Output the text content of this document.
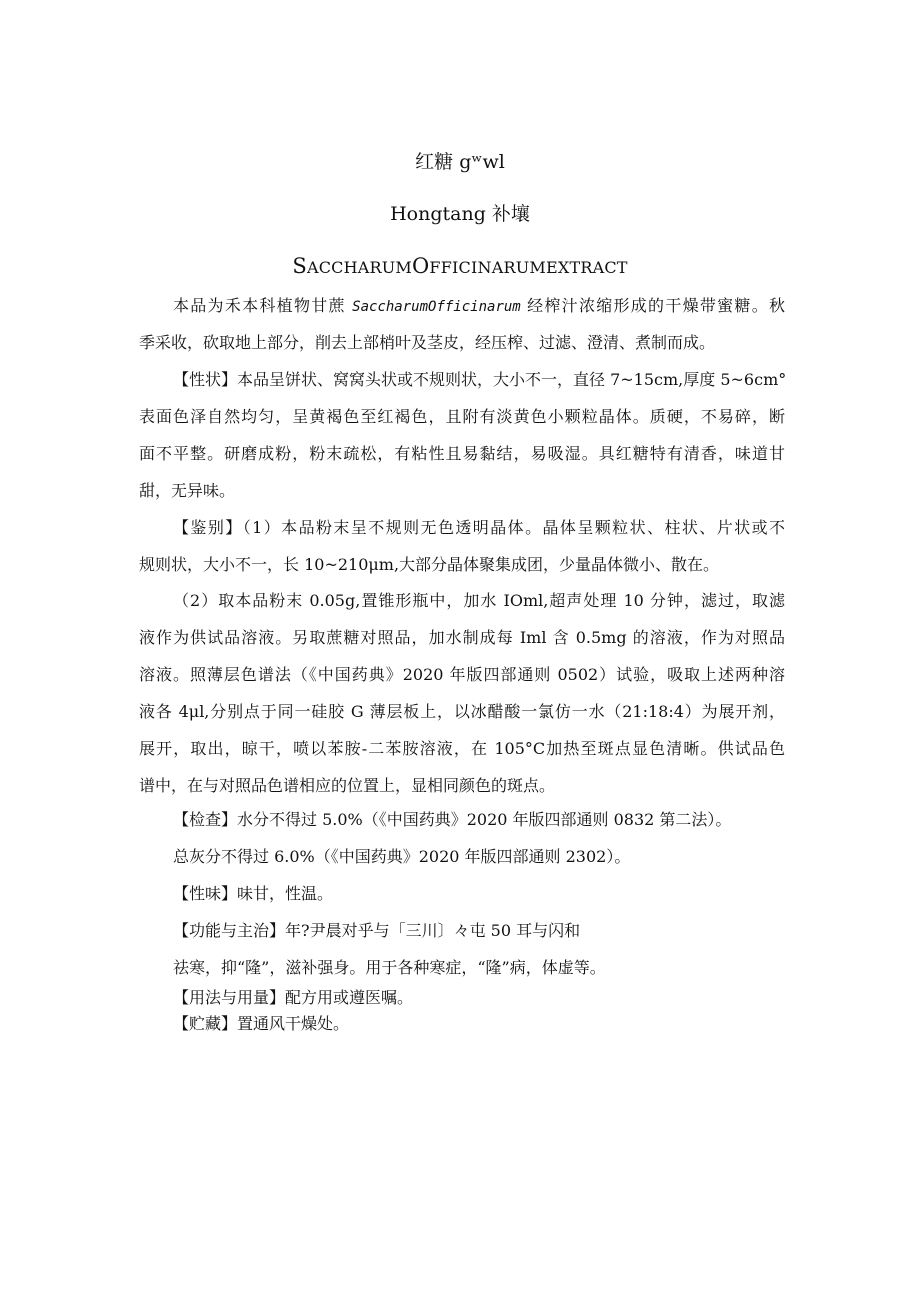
红糖 gʷwl
Hongtang 补壤
SACCHARUMOFFICINARUMEXTRACT
本品为禾本科植物甘蔗 SaccharumOfficinarum 经榨汁浓缩形成的干燥带蜜糖。秋
季采收，砍取地上部分，削去上部梢叶及茎皮，经压榨、过滤、澄清、煮制而成。
【性状】本品呈饼状、窝窝头状或不规则状，大小不一，直径 7~15cm,厚度 5~6cm°
表面色泽自然均匀，呈黄褐色至红褐色，且附有淡黄色小颗粒晶体。质硬，不易碎，断
面不平整。研磨成粉，粉末疏松，有粘性且易黏结，易吸湿。具红糖特有清香，味道甘
甜，无异味。
【鉴别】（1）本品粉末呈不规则无色透明晶体。晶体呈颗粒状、柱状、片状或不
规则状，大小不一，长 10~210μm,大部分晶体聚集成团，少量晶体微小、散在。
（2）取本品粉末 0.05g,置锥形瓶中，加水 IOml,超声处理 10 分钟，滤过，取滤
液作为供试品溶液。另取蔗糖对照品，加水制成每 Iml 含 0.5mg 的溶液，作为对照品
溶液。照薄层色谱法（《中国药典》2020 年版四部通则 0502）试验，吸取上述两种溶
液各 4μl,分别点于同一硅胶 G 薄层板上，以冰醋酸一氯仿一水（21:18:4）为展开剂，
展开，取出，晾干，喷以苯胺-二苯胺溶液，在 105°C加热至斑点显色清晰。供试品色
谱中，在与对照品色谱相应的位置上，显相同颜色的斑点。
【检查】水分不得过 5.0%（《中国药典》2020 年版四部通则 0832 第二法）。
总灰分不得过 6.0%（《中国药典》2020 年版四部通则 2302）。
【性味】味甘，性温。
【功能与主治】年?尹晨对乎与「三川〕々屯 50 耳与闪和
祛寒，抑“隆”，滋补强身。用于各种寒症，“隆”病，体虚等。
【用法与用量】配方用或遵医嘱。
【贮藏】置通风干燥处。
